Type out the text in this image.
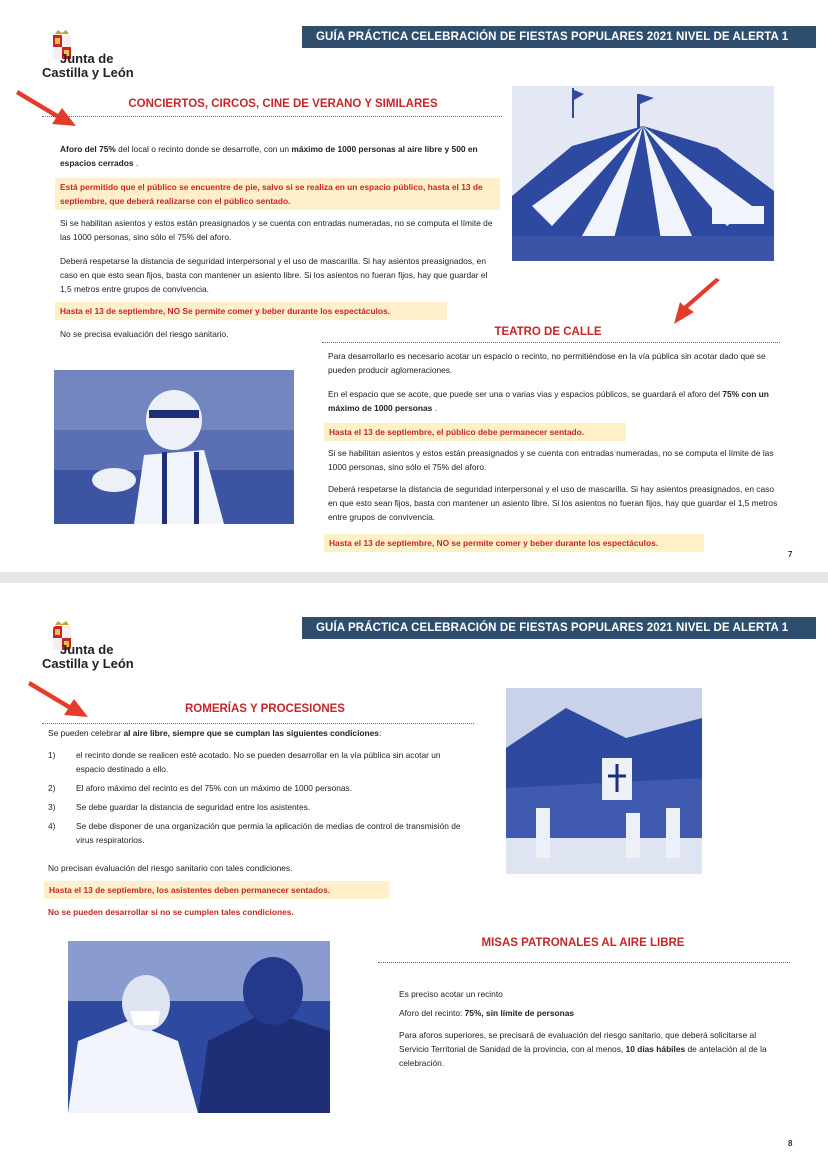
GUÍA PRÁCTICA CELEBRACIÓN DE FIESTAS POPULARES 2021 NIVEL DE ALERTA 1
Junta de
Castilla y León
CONCIERTOS, CIRCOS, CINE DE VERANO Y SIMILARES
Aforo del 75% del local o recinto donde se desarrolle, con un máximo de 1000 personas al aire libre y 500 en espacios cerrados .
Está permitido que el público se encuentre de pie, salvo si se realiza en un espacio público, hasta el 13 de septiembre, que deberá realizarse con el público sentado.
Si se habilitan asientos y estos están preasignados y se cuenta con entradas numeradas, no se computa el límite de las 1000 personas, sino sólo el 75% del aforo.
Deberá respetarse la distancia de seguridad interpersonal y el uso de mascarilla. Si hay asientos preasignados, en caso en que esto sean fijos, basta con mantener un asiento libre. Si los asientos no fueran fijos, hay que guardar el 1,5 metros entre grupos de convivencia.
Hasta el 13 de septiembre, NO Se permite comer y beber durante los espectáculos.
No se precisa evaluación del riesgo sanitario.	TEATRO DE CALLE
Para desarrollarlo es necesario acotar un espacio o recinto, no permitiéndose en la vía pública sin acotar dado que se pueden producir aglomeraciones.
En el espacio que se acote, que puede ser una o varias vias y espacios públicos, se guardará el aforo del 75% con un máximo de 1000 personas .
Hasta el 13 de septiembre, el público debe permanecer sentado.
Si se habilitan asientos y estos están preasignados y se cuenta con entradas numeradas, no se computa el límite de las 1000 personas, sino sólo el 75% del aforo.
Deberá respetarse la distancia de seguridad interpersonal y el uso de mascarilla. Si hay asientos preasignados, en caso en que esto sean fijos, basta con mantener un asiento libre. Si los asientos no fueran fijos, hay que guardar el 1,5 metros entre grupos de convivencia.
Hasta el 13 de septiembre, NO se permite comer y beber durante los espectáculos.
7
GUÍA PRÁCTICA CELEBRACIÓN DE FIESTAS POPULARES 2021 NIVEL DE ALERTA 1
Junta de
Castilla y León
ROMERÍAS Y PROCESIONES
Se pueden celebrar al aire libre, siempre que se cumplan las siguientes condiciones:
1) el recinto donde se realicen esté acotado. No se pueden desarrollar en la vía pública sin acotar un espacio destinado a ello.
2) El aforo máximo del recinto es del 75% con un máximo de 1000 personas.
3) Se debe guardar la distancia de seguridad entre los asistentes.
4) Se debe disponer de una organización que permia la aplicación de medias de control de transmisión de virus respiratorios.
No precisan evaluación del riesgo sanitario con tales condiciones.
Hasta el 13 de septiembre, los asistentes deben permanecer sentados.
No se pueden desarrollar si no se cumplen tales condiciones.
MISAS PATRONALES AL AIRE LIBRE
Es preciso acotar un recinto
Aforo del recinto: 75%, sin límite de personas
Para aforos superiores, se precisará de evaluación del riesgo sanitario, que deberá solicitarse al Servicio Territorial de Sanidad de la provincia, con al menos, 10 días hábiles de antelación al de la celebración.
8
